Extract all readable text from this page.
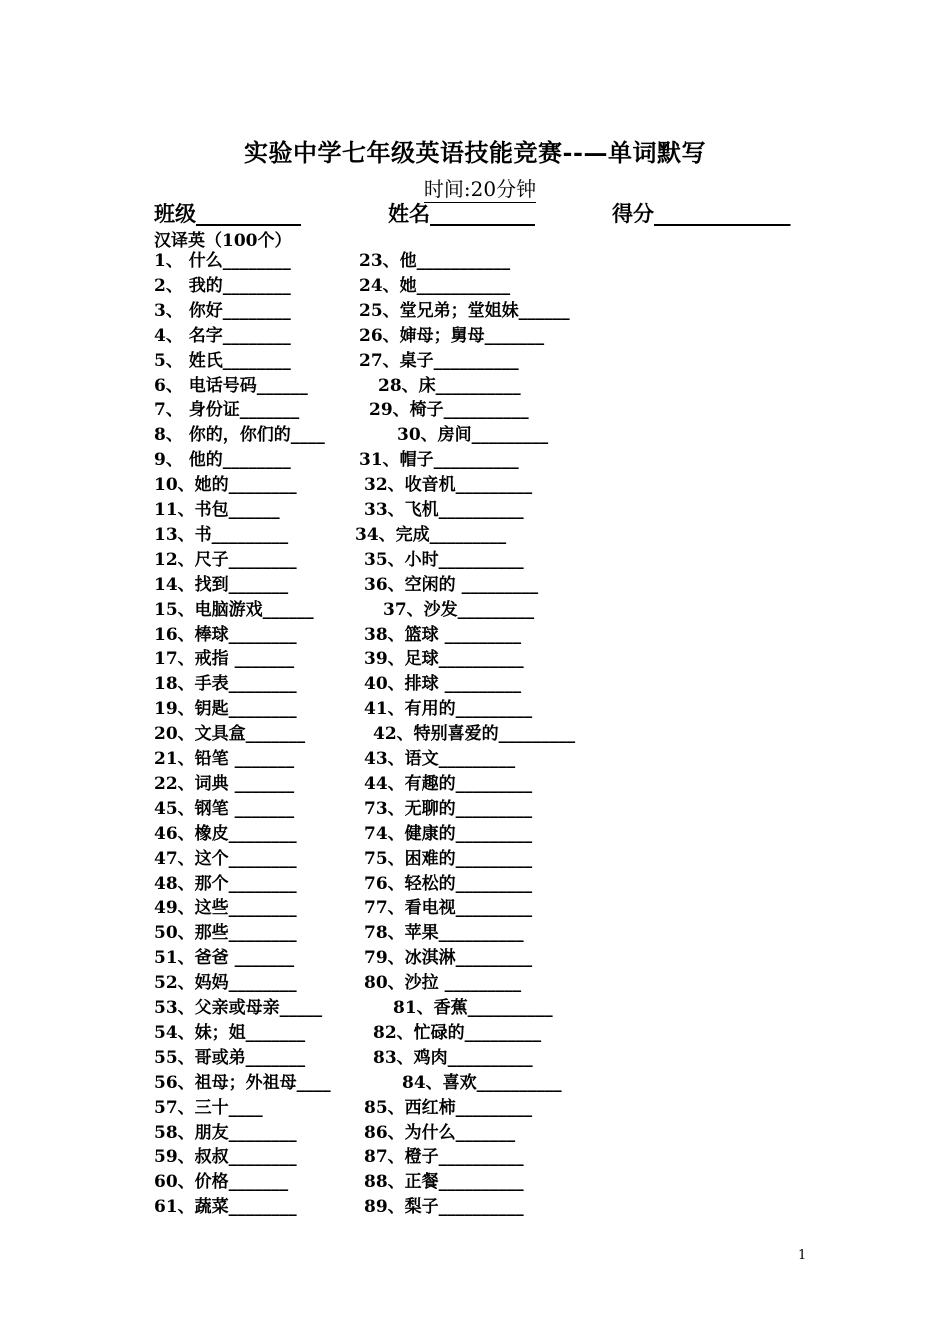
实验中学七年级英语技能竞赛--—单词默写
时间:20分钟
班级__________	姓名__________	得分_____________
汉译英（100个）
1、 什么________
2、 我的________
3、 你好________
4、 名字________
5、 姓氏________
6、 电话号码______
7、 身份证_______
8、 你的，你们的____
9、 他的________
10、她的________
11、书包______
13、书_________
12、尺子________
14、找到_______
15、电脑游戏______
16、棒球________
17、戒指 _______
18、手表________
19、钥匙________
20、文具盒_______
21、铅笔 _______
22、词典 _______
45、钢笔 _______
46、橡皮________
47、这个________
48、那个________
49、这些________
50、那些________
51、爸爸 _______
52、妈妈________
53、父亲或母亲_____
54、妹；姐_______
55、哥或弟_______
56、祖母；外祖母____
57、三十____
58、朋友________
59、叔叔________
60、价格_______
61、蔬菜________
23、他___________
24、她___________
25、堂兄弟；堂姐妹______
26、婶母；舅母_______
27、桌子__________
28、床__________
29、椅子__________
30、房间_________
31、帽子__________
32、收音机_________
33、飞机__________
34、完成_________
35、小时__________
36、空闲的 _________
37、沙发_________
38、篮球 _________
39、足球__________
40、排球 _________
41、有用的_________
42、特别喜爱的_________
43、语文_________
44、有趣的_________
73、无聊的_________
74、健康的_________
75、困难的_________
76、轻松的_________
77、看电视_________
78、苹果__________
79、冰淇淋_________
80、沙拉 _________
81、香蕉__________
82、忙碌的_________
83、鸡肉__________
84、喜欢__________
85、西红柿_________
86、为什么_______
87、橙子__________
88、正餐__________
89、梨子__________
1
